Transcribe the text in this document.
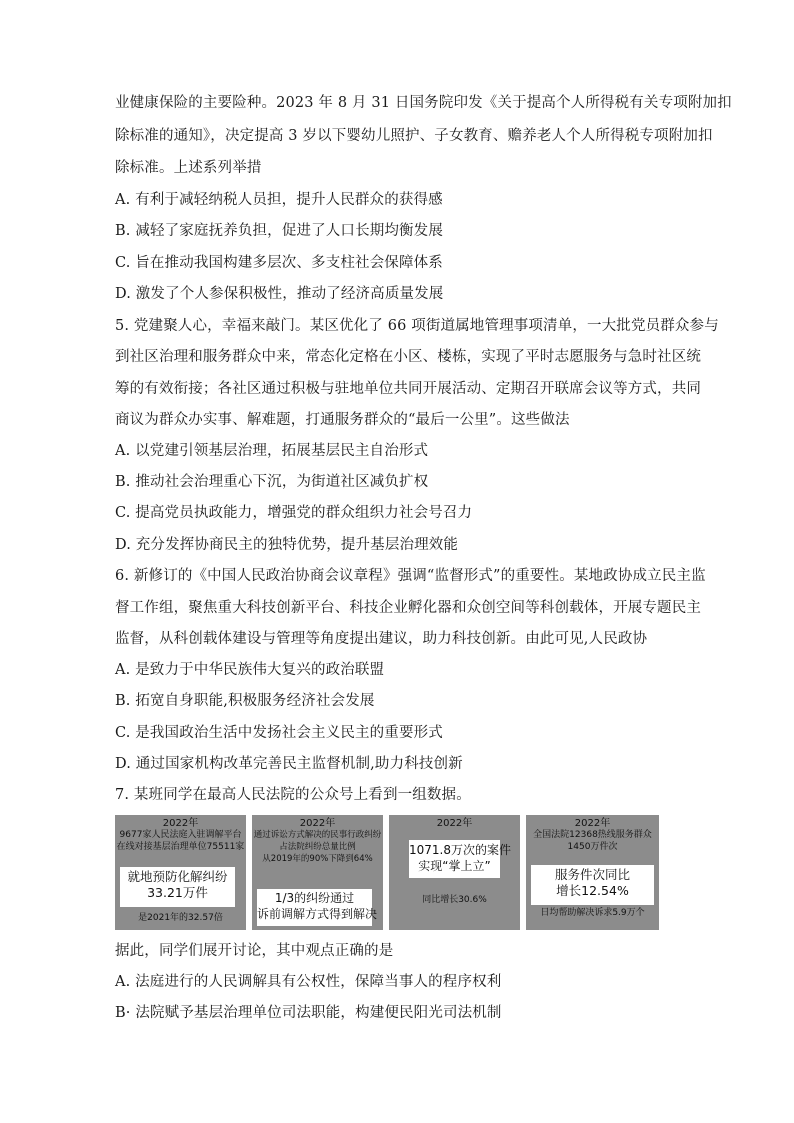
业健康保险的主要险种。2023 年 8 月 31 日国务院印发《关于提高个人所得税有关专项附加扣
除标准的通知》，决定提高 3 岁以下婴幼儿照护、子女教育、赡养老人个人所得税专项附加扣
除标准。上述系列举措
A. 有利于减轻纳税人员担，提升人民群众的获得感
B. 减轻了家庭抚养负担，促进了人口长期均衡发展
C. 旨在推动我国构建多层次、多支柱社会保障体系
D. 激发了个人参保积极性，推动了经济高质量发展
5. 党建聚人心，幸福来敲门。某区优化了 66 项街道属地管理事项清单，一大批党员群众参与
到社区治理和服务群众中来，常态化定格在小区、楼栋，实现了平时志愿服务与急时社区统
筹的有效衔接；各社区通过积极与驻地单位共同开展活动、定期召开联席会议等方式，共同
商议为群众办实事、解难题，打通服务群众的“最后一公里”。这些做法
A. 以党建引领基层治理，拓展基层民主自治形式
B. 推动社会治理重心下沉，为街道社区减负扩权
C. 提高党员执政能力，增强党的群众组织力社会号召力
D. 充分发挥协商民主的独特优势，提升基层治理效能
6. 新修订的《中国人民政治协商会议章程》强调“监督形式”的重要性。某地政协成立民主监
督工作组，聚焦重大科技创新平台、科技企业孵化器和众创空间等科创载体，开展专题民主
监督，从科创载体建设与管理等角度提出建议，助力科技创新。由此可见,人民政协
A. 是致力于中华民族伟大复兴的政治联盟
B. 拓宽自身职能,积极服务经济社会发展
C. 是我国政治生活中发扬社会主义民主的重要形式
D. 通过国家机构改革完善民主监督机制,助力科技创新
7. 某班同学在最高人民法院的公众号上看到一组数据。
2022年
9677家人民法庭入驻调解平台
在线对接基层治理单位75511家
就地预防化解纠纷
33.21万件
是2021年的32.57倍
2022年
通过诉讼方式解决的民事行政纠纷
占法院纠纷总量比例
从2019年的90%下降到64%
1/3的纠纷通过
诉前调解方式得到解决
2022年
1071.8万次的案件
实现“掌上立”
同比增长30.6%
2022年
全国法院12368热线服务群众
1450万件次
服务件次同比
增长12.54%
日均帮助解决诉求5.9万个
据此，同学们展开讨论，其中观点正确的是
A. 法庭进行的人民调解具有公权性，保障当事人的程序权利
B· 法院赋予基层治理单位司法职能，构建便民阳光司法机制
